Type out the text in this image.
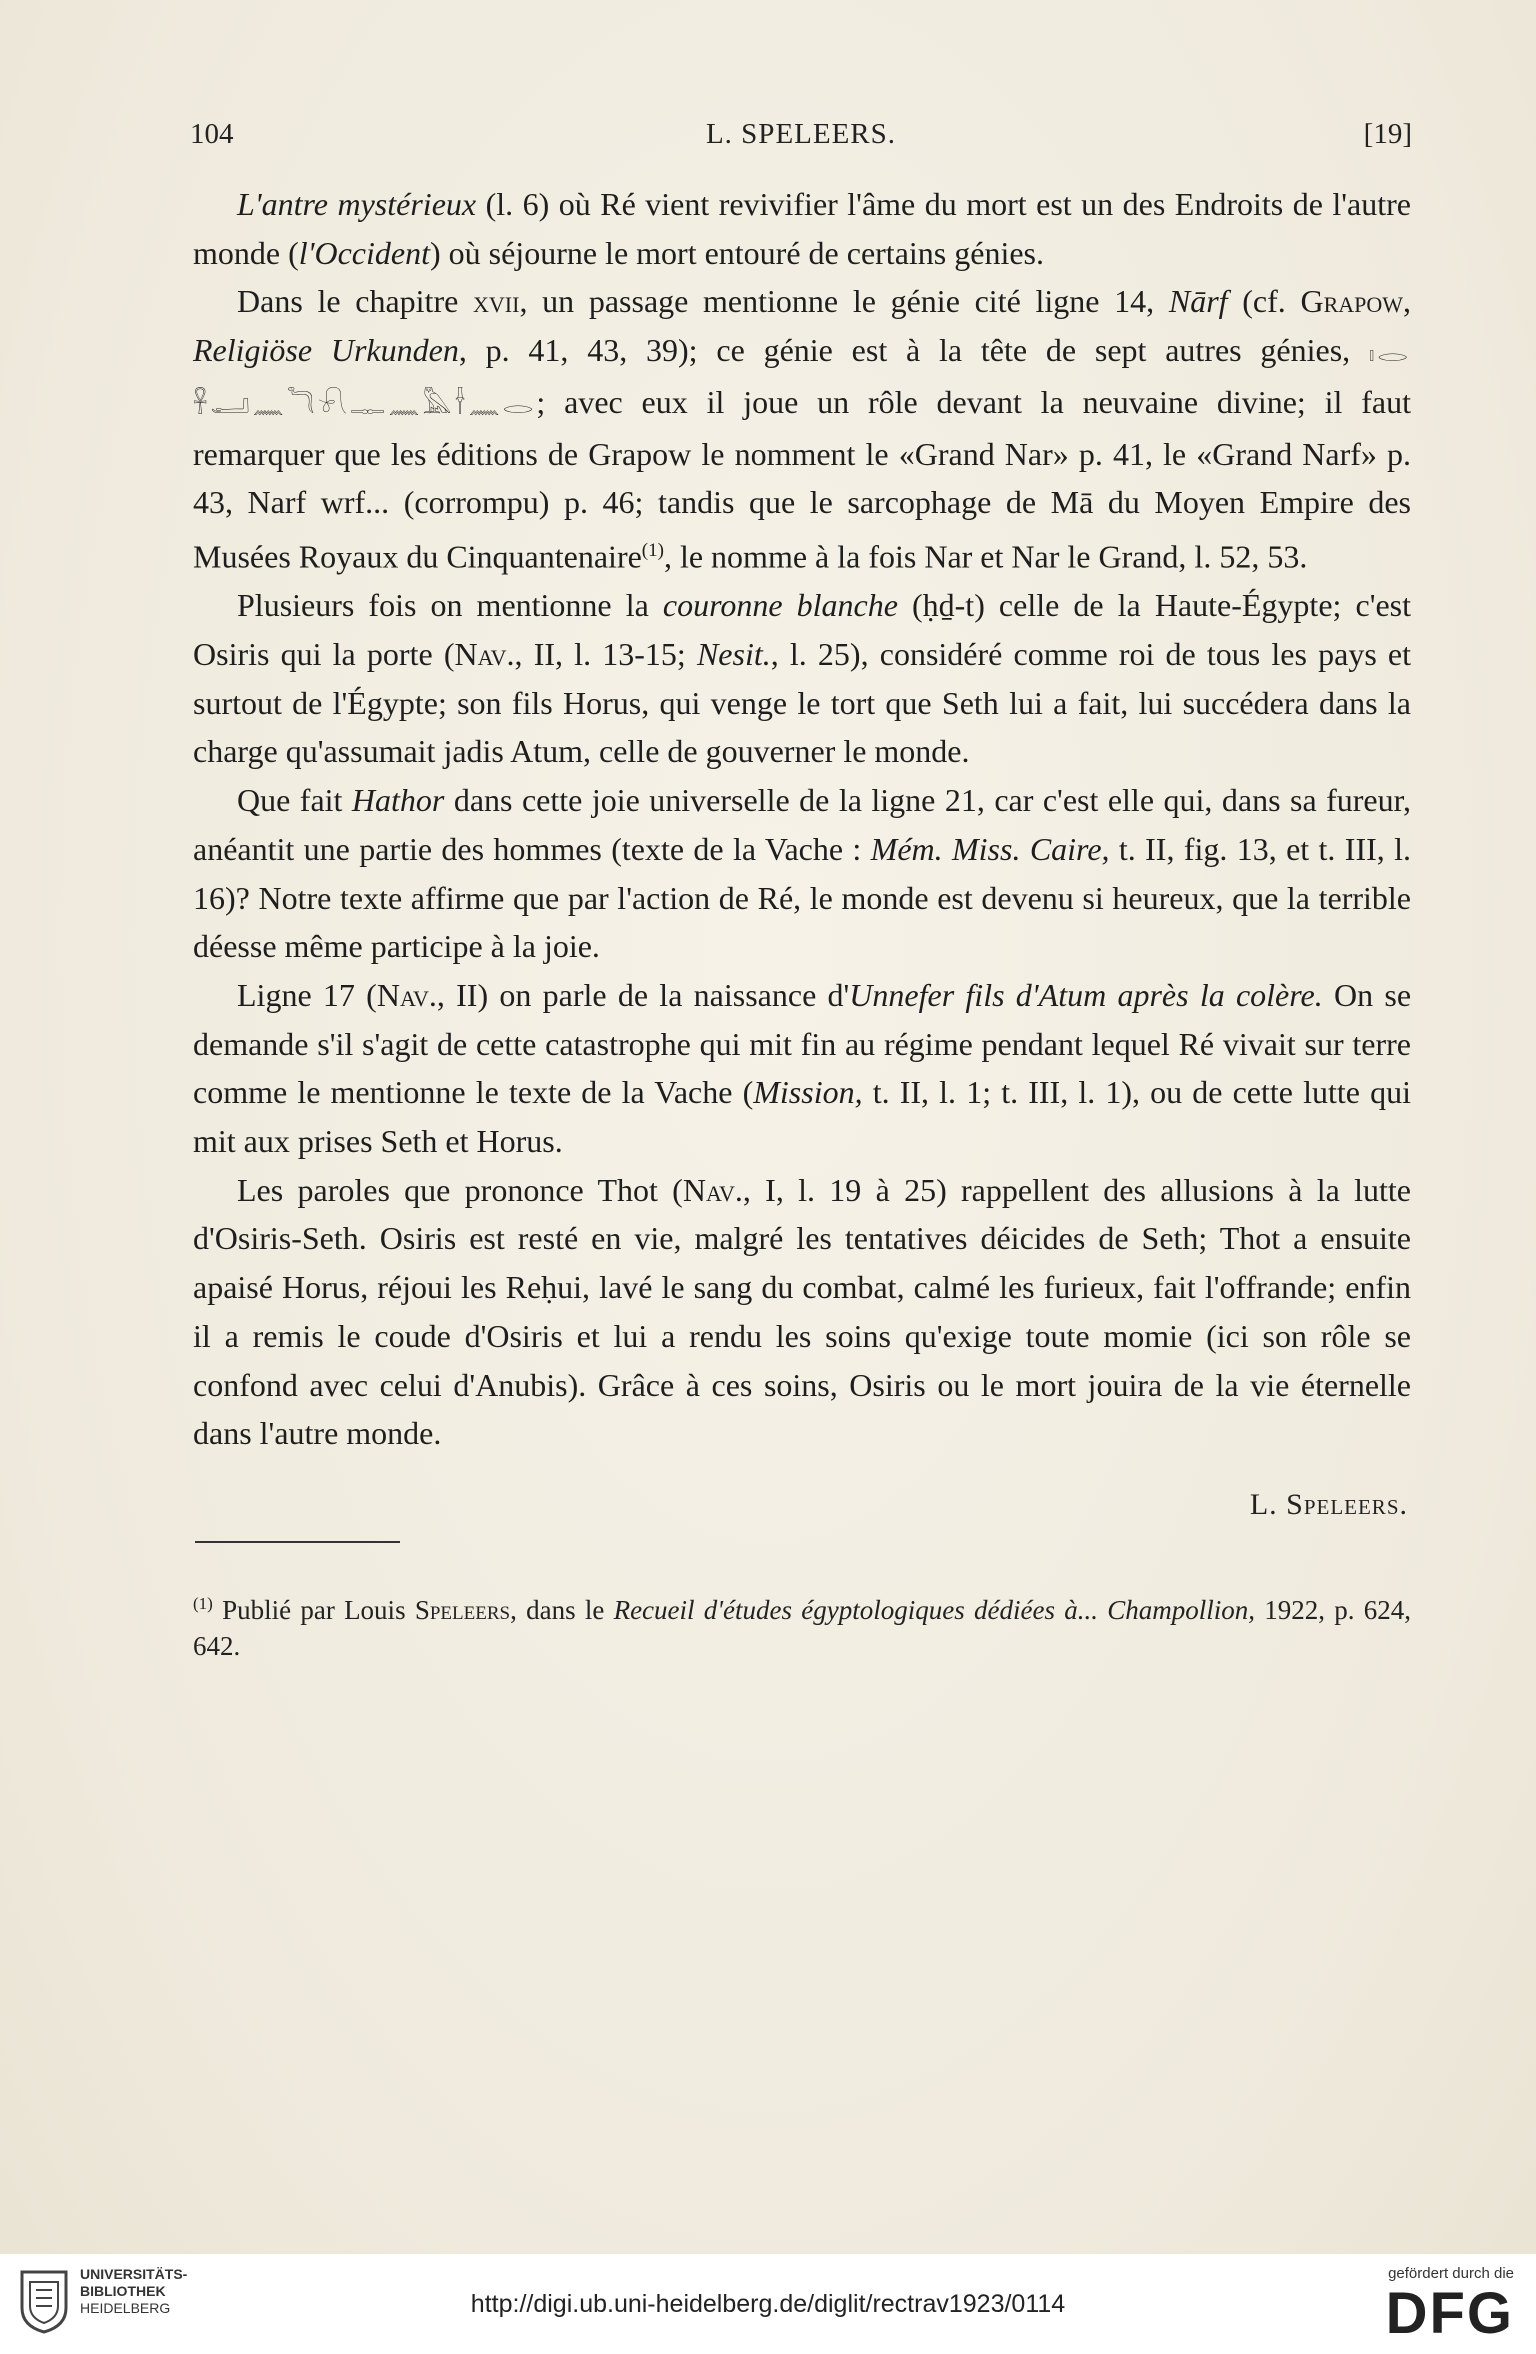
104	L. SPELEERS.	[19]

L'antre mystérieux (l. 6) où Ré vient revivifier l'âme du mort est un des Endroits de l'autre monde (l'Occident) où séjourne le mort entouré de certains génies.

Dans le chapitre xvii, un passage mentionne le génie cité ligne 14, Nārf (cf. Grapow, Religiöse Urkunden, p. 41, 43, 39); ce génie est à la tête de sept autres génies, 𓏤𓂋 𓋹𓂝𓈖𓆓𓍯𓊃𓈖𓅓𓌂𓈖𓂋; avec eux il joue un rôle devant la neuvaine divine; il faut remarquer que les éditions de Grapow le nomment le «Grand Nar» p. 41, le «Grand Narf» p. 43, Narf wrf... (corrompu) p. 46; tandis que le sarcophage de Mā du Moyen Empire des Musées Royaux du Cinquantenaire$^{(1)}$, le nomme à la fois Nar et Nar le Grand, l. 52, 53.

Plusieurs fois on mentionne la couronne blanche (ḥḏ-t) celle de la Haute-Égypte; c'est Osiris qui la porte (Nav., II, l. 13-15; Nesit., l. 25), considéré comme roi de tous les pays et surtout de l'Égypte; son fils Horus, qui venge le tort que Seth lui a fait, lui succédera dans la charge qu'assumait jadis Atum, celle de gouverner le monde.

Que fait Hathor dans cette joie universelle de la ligne 21, car c'est elle qui, dans sa fureur, anéantit une partie des hommes (texte de la Vache : Mém. Miss. Caire, t. II, fig. 13, et t. III, l. 16)? Notre texte affirme que par l'action de Ré, le monde est devenu si heureux, que la terrible déesse même participe à la joie.

Ligne 17 (Nav., II) on parle de la naissance d'Unnefer fils d'Atum après la colère. On se demande s'il s'agit de cette catastrophe qui mit fin au régime pendant lequel Ré vivait sur terre comme le mentionne le texte de la Vache (Mission, t. II, l. 1; t. III, l. 1), ou de cette lutte qui mit aux prises Seth et Horus.

Les paroles que prononce Thot (Nav., I, l. 19 à 25) rappellent des allusions à la lutte d'Osiris-Seth. Osiris est resté en vie, malgré les tentatives déicides de Seth; Thot a ensuite apaisé Horus, réjoui les Reḥui, lavé le sang du combat, calmé les furieux, fait l'offrande; enfin il a remis le coude d'Osiris et lui a rendu les soins qu'exige toute momie (ici son rôle se confond avec celui d'Anubis). Grâce à ces soins, Osiris ou le mort jouira de la vie éternelle dans l'autre monde.

L. Speleers.
$^{(1)}$ Publié par Louis Speleers, dans le Recueil d'études égyptologiques dédiées à... Champollion, 1922, p. 624, 642.
UNIVERSITÄTS-
BIBLIOTHEK
HEIDELBERG	http://digi.ub.uni-heidelberg.de/diglit/rectrav1923/0114
gefördert durch die
DFG
